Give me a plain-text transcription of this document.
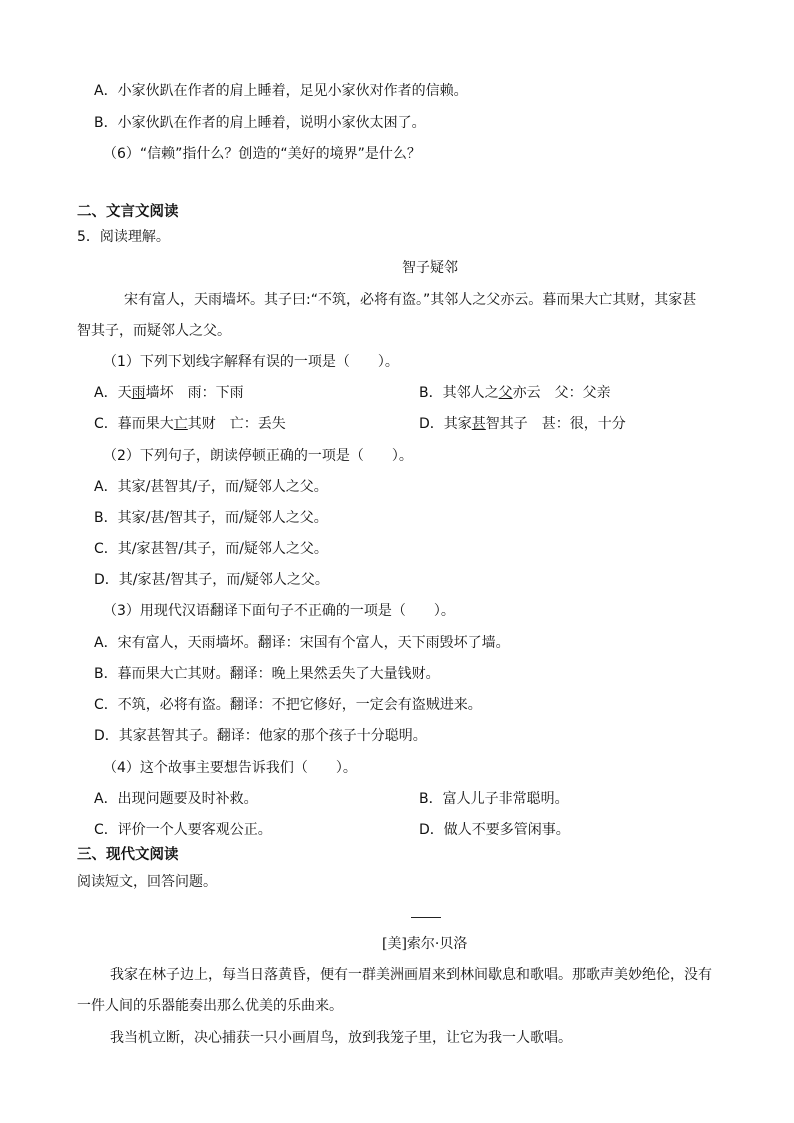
A．小家伙趴在作者的肩上睡着，足见小家伙对作者的信赖。
B．小家伙趴在作者的肩上睡着，说明小家伙太困了。
（6）“信赖”指什么？创造的“美好的境界”是什么？
二、文言文阅读
5．阅读理解。
智子疑邻
宋有富人，天雨墙坏。其子曰:“不筑，必将有盗。”其邻人之父亦云。暮而果大亡其财，其家甚
智其子，而疑邻人之父。
（1）下列下划线字解释有误的一项是（　　）。
A．天雨墙坏　雨：下雨	B．其邻人之父亦云　父：父亲
C．暮而果大亡其财　亡：丢失	D．其家甚智其子　甚：很，十分
（2）下列句子，朗读停顿正确的一项是（　　）。
A．其家/甚智其/子，而/疑邻人之父。
B．其家/甚/智其子，而/疑邻人之父。
C．其/家甚智/其子，而/疑邻人之父。
D．其/家甚/智其子，而/疑邻人之父。
（3）用现代汉语翻译下面句子不正确的一项是（　　）。
A．宋有富人，天雨墙坏。翻译：宋国有个富人，天下雨毁坏了墙。
B．暮而果大亡其财。翻译：晚上果然丢失了大量钱财。
C．不筑，必将有盗。翻译：不把它修好，一定会有盗贼进来。
D．其家甚智其子。翻译：他家的那个孩子十分聪明。
（4）这个故事主要想告诉我们（　　）。
A．出现问题要及时补救。	B．富人儿子非常聪明。
C．评价一个人要客观公正。	D．做人不要多管闲事。
三、现代文阅读
阅读短文，回答问题。
[美]索尔·贝洛
我家在林子边上，每当日落黄昏，便有一群美洲画眉来到林间歇息和歌唱。那歌声美妙绝伦，没有
一件人间的乐器能奏出那么优美的乐曲来。
我当机立断，决心捕获一只小画眉鸟，放到我笼子里，让它为我一人歌唱。
